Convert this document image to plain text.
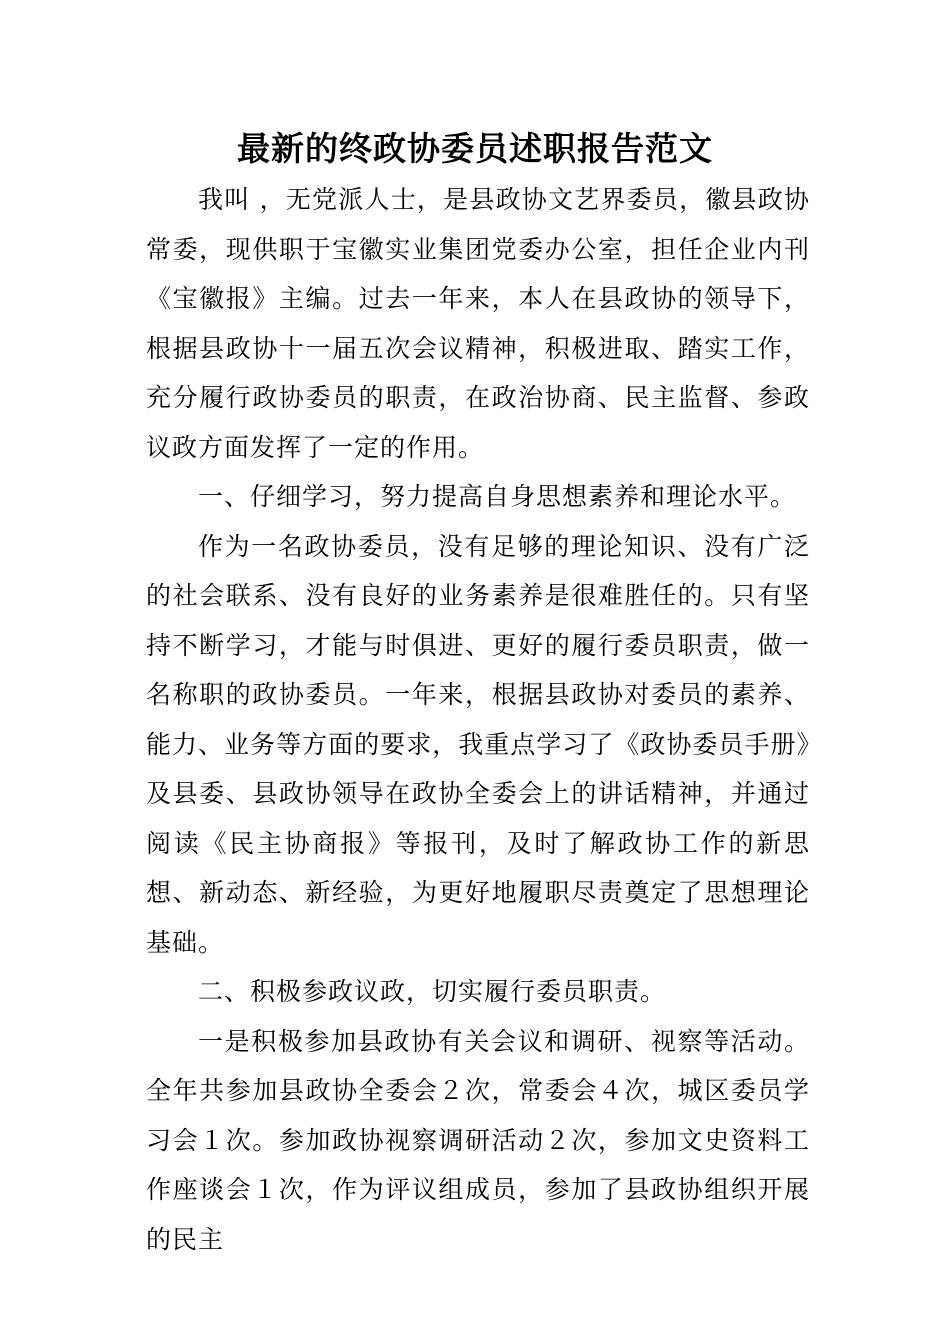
最新的终政协委员述职报告范文

我叫 ，无党派人士，是县政协文艺界委员，徽县政协常委，现供职于宝徽实业集团党委办公室，担任企业内刊《宝徽报》主编。过去一年来，本人在县政协的领导下，根据县政协十一届五次会议精神，积极进取、踏实工作，充分履行政协委员的职责，在政治协商、民主监督、参政议政方面发挥了一定的作用。

一、仔细学习，努力提高自身思想素养和理论水平。

作为一名政协委员，没有足够的理论知识、没有广泛的社会联系、没有良好的业务素养是很难胜任的。只有坚持不断学习，才能与时俱进、更好的履行委员职责，做一名称职的政协委员。一年来，根据县政协对委员的素养、能力、业务等方面的要求，我重点学习了《政协委员手册》及县委、县政协领导在政协全委会上的讲话精神，并通过阅读《民主协商报》等报刊，及时了解政协工作的新思想、新动态、新经验，为更好地履职尽责奠定了思想理论基础。

二、积极参政议政，切实履行委员职责。

一是积极参加县政协有关会议和调研、视察等活动。全年共参加县政协全委会２次，常委会４次，城区委员学习会１次。参加政协视察调研活动２次，参加文史资料工作座谈会１次，作为评议组成员，参加了县政协组织开展的民主
